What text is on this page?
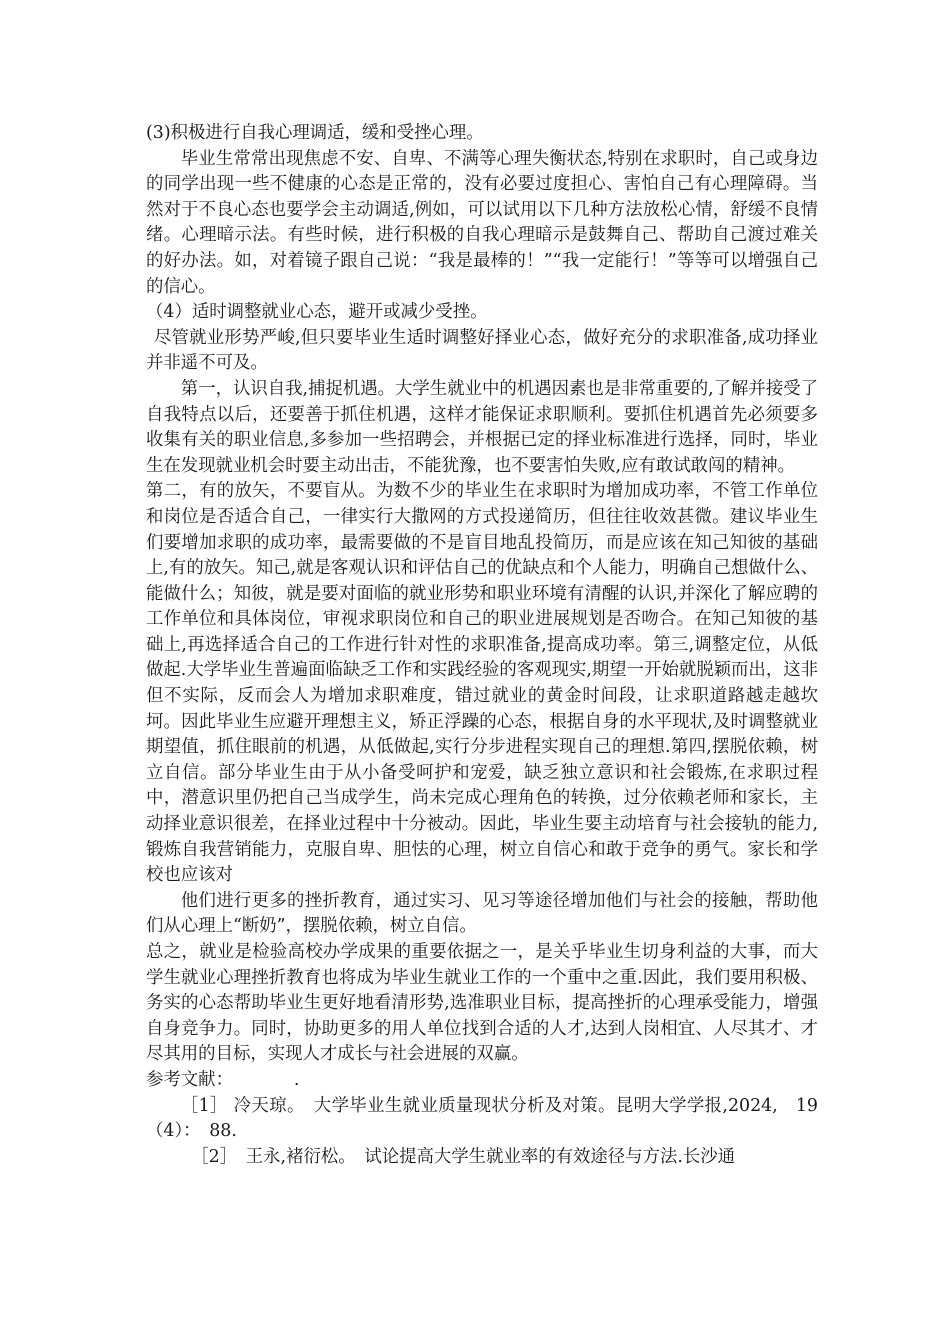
(3)积极进行自我心理调适，缓和受挫心理。

毕业生常常出现焦虑不安、自卑、不满等心理失衡状态,特别在求职时，自己或身边的同学出现一些不健康的心态是正常的，没有必要过度担心、害怕自己有心理障碍。当然对于不良心态也要学会主动调适,例如，可以试用以下几种方法放松心情，舒缓不良情绪。心理暗示法。有些时候，进行积极的自我心理暗示是鼓舞自己、帮助自己渡过难关的好办法。如，对着镜子跟自己说：“我是最棒的！”“我一定能行！”等等可以增强自己的信心。

（4）适时调整就业心态，避开或减少受挫。

尽管就业形势严峻,但只要毕业生适时调整好择业心态，做好充分的求职准备,成功择业并非遥不可及。

第一，认识自我,捕捉机遇。大学生就业中的机遇因素也是非常重要的,了解并接受了自我特点以后，还要善于抓住机遇，这样才能保证求职顺利。要抓住机遇首先必须要多收集有关的职业信息,多参加一些招聘会，并根据已定的择业标准进行选择，同时，毕业生在发现就业机会时要主动出击，不能犹豫，也不要害怕失败,应有敢试敢闯的精神。

第二，有的放矢，不要盲从。为数不少的毕业生在求职时为增加成功率，不管工作单位和岗位是否适合自己，一律实行大撒网的方式投递简历，但往往收效甚微。建议毕业生们要增加求职的成功率，最需要做的不是盲目地乱投简历，而是应该在知己知彼的基础上,有的放矢。知己,就是客观认识和评估自己的优缺点和个人能力，明确自己想做什么、能做什么；知彼，就是要对面临的就业形势和职业环境有清醒的认识,并深化了解应聘的工作单位和具体岗位，审视求职岗位和自己的职业进展规划是否吻合。在知己知彼的基础上,再选择适合自己的工作进行针对性的求职准备,提高成功率。第三,调整定位，从低做起.大学毕业生普遍面临缺乏工作和实践经验的客观现实,期望一开始就脱颖而出，这非但不实际，反而会人为增加求职难度，错过就业的黄金时间段，让求职道路越走越坎坷。因此毕业生应避开理想主义，矫正浮躁的心态，根据自身的水平现状,及时调整就业期望值，抓住眼前的机遇，从低做起,实行分步进程实现自己的理想.第四,摆脱依赖，树立自信。部分毕业生由于从小备受呵护和宠爱，缺乏独立意识和社会锻炼,在求职过程中，潜意识里仍把自己当成学生，尚未完成心理角色的转换，过分依赖老师和家长，主动择业意识很差，在择业过程中十分被动。因此，毕业生要主动培育与社会接轨的能力,锻炼自我营销能力，克服自卑、胆怯的心理，树立自信心和敢于竞争的勇气。家长和学校也应该对

他们进行更多的挫折教育，通过实习、见习等途径增加他们与社会的接触，帮助他们从心理上“断奶”，摆脱依赖，树立自信。

总之，就业是检验高校办学成果的重要依据之一，是关乎毕业生切身利益的大事，而大学生就业心理挫折教育也将成为毕业生就业工作的一个重中之重.因此，我们要用积极、务实的心态帮助毕业生更好地看清形势,选准职业目标，提高挫折的心理承受能力，增强自身竞争力。同时，协助更多的用人单位找到合适的人才,达到人岗相宜、人尽其才、才尽其用的目标，实现人才成长与社会进展的双赢。

参考文献：　　　　.

［1］ 冷天琼。　大学毕业生就业质量现状分析及对策。昆明大学学报,2024,　19 （4）：　88.

［2］　王永,褚衍松。　试论提高大学生就业率的有效途径与方法.长沙通
